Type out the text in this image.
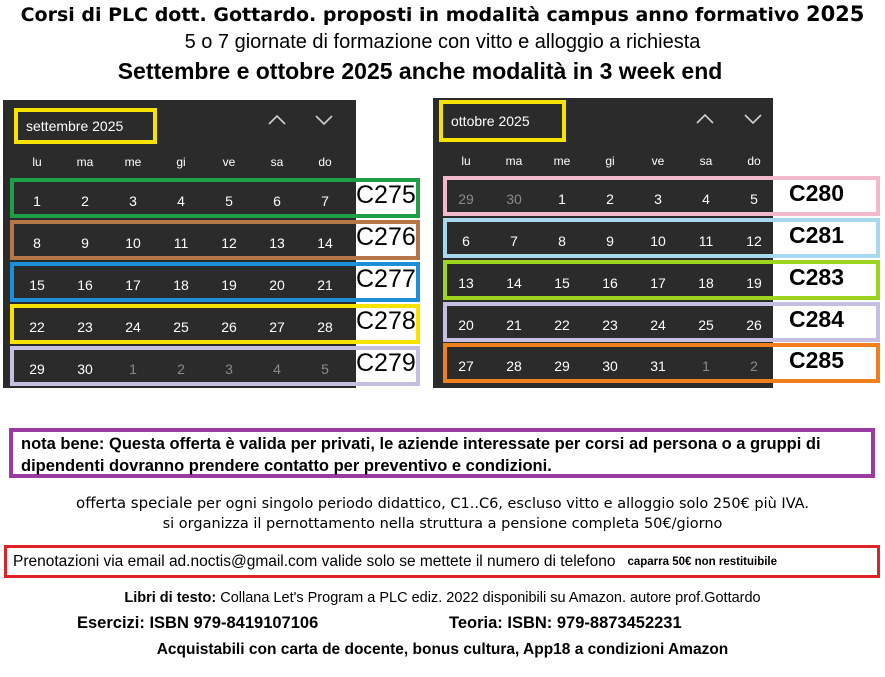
Corsi di PLC dott. Gottardo. proposti in modalità campus anno formativo 2025
5 o 7 giornate di formazione con vitto e alloggio a richiesta
Settembre e ottobre 2025 anche modalità in 3 week end
settembre 2025
lu	ma	me	gi	ve	sa	do
1	2	3	4	5	6	7	C275
8	9	10	11	12	13	14 C276
15	16	17	18	19	20	21 C277
22	23	24	25	26	27	28 C278
29	30	1	2	3	4	5	C279
ottobre 2025
lu	ma	me	gi	ve	sa	do
29	30	1	2	3	4	5	C280
6	7	8	9	10	11	12	C281
13	14	15	16	17	18	19	C283
20	21	22	23	24	25	26	C284
27	28	29	30	31	1	2	C285
nota bene: Questa offerta è valida per privati, le aziende interessate per corsi ad persona o a gruppi di dipendenti dovranno prendere contatto per preventivo e condizioni.
offerta speciale per ogni singolo periodo didattico, C1..C6, escluso vitto e alloggio solo 250€ più IVA.
si organizza il pernottamento nella struttura a pensione completa 50€/giorno
Prenotazioni via email ad.noctis@gmail.com valide solo se mettete il numero di telefono caparra 50€ non restituibile
Libri di testo: Collana Let's Program a PLC ediz. 2022 disponibili su Amazon. autore prof.Gottardo
Esercizi: ISBN 979-8419107106	Teoria: ISBN: 979-8873452231
Acquistabili con carta de docente, bonus cultura, App18 a condizioni Amazon
